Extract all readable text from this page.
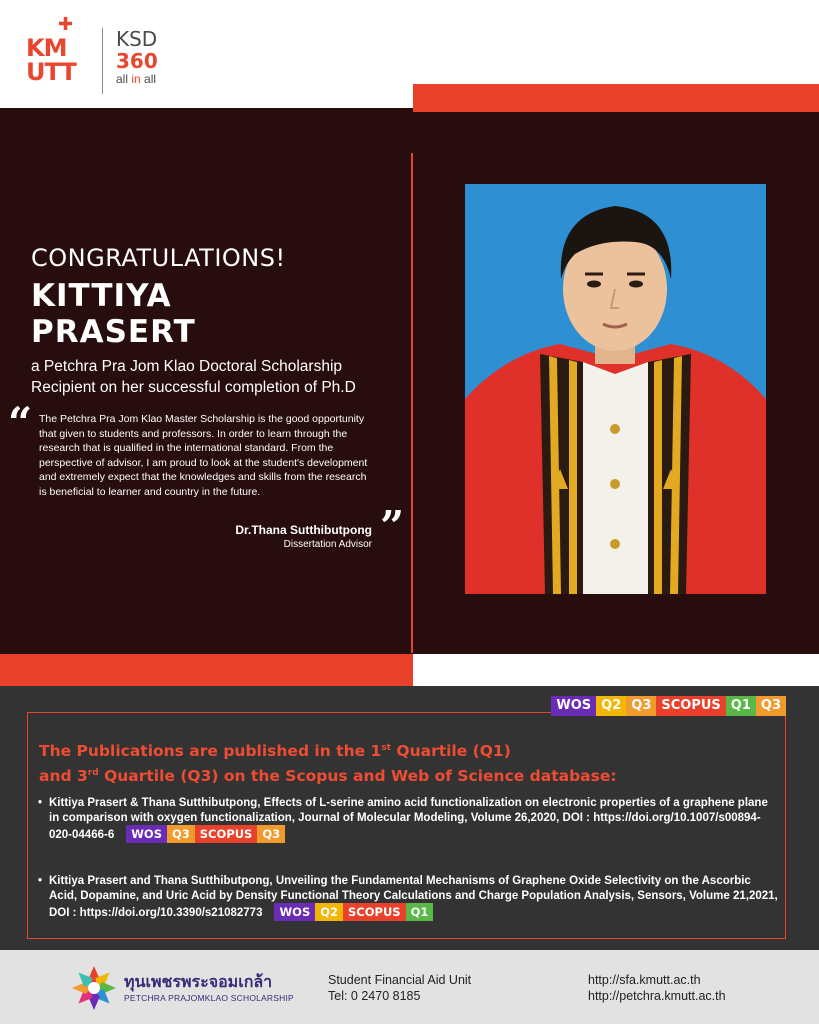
✚
KMUTT
KSD
360
all in all
CONGRATULATIONS!
KITTIYA
PRASERT
a Petchra Pra Jom Klao Doctoral Scholarship
Recipient on her successful completion of Ph.D
“ The Petchra Pra Jom Klao Master Scholarship is the good opportunity that given to students and professors. In order to learn through the research that is qualified in the international standard. From the perspective of advisor, I am proud to look at the student's development and extremely expect that the knowledges and skills from the research is beneficial to learner and country in the future.
”
Dr.Thana Sutthibutpong
Dissertation Advisor
WOS Q2 Q3 SCOPUS Q1 Q3
The Publications are published in the 1st Quartile (Q1)
and 3rd Quartile (Q3) on the Scopus and Web of Science database:
• Kittiya Prasert & Thana Sutthibutpong, Effects of L-serine amino acid functionalization on electronic properties of a graphene plane in comparison with oxygen functionalization, Journal of Molecular Modeling, Volume 26,2020, DOI : https://doi.org/10.1007/s00894-020-04466-6	WOS Q3 SCOPUS Q3
• Kittiya Prasert and Thana Sutthibutpong, Unveiling the Fundamental Mechanisms of Graphene Oxide Selectivity on the Ascorbic Acid, Dopamine, and Uric Acid by Density Functional Theory Calculations and Charge Population Analysis, Sensors, Volume 21,2021, DOI : https://doi.org/10.3390/s21082773	WOS Q2 SCOPUS Q1
ทุนเพชรพระจอมเกล้า
PETCHRA PRAJOMKLAO SCHOLARSHIP
Student Financial Aid Unit
Tel: 0 2470 8185
http://sfa.kmutt.ac.th
http://petchra.kmutt.ac.th
